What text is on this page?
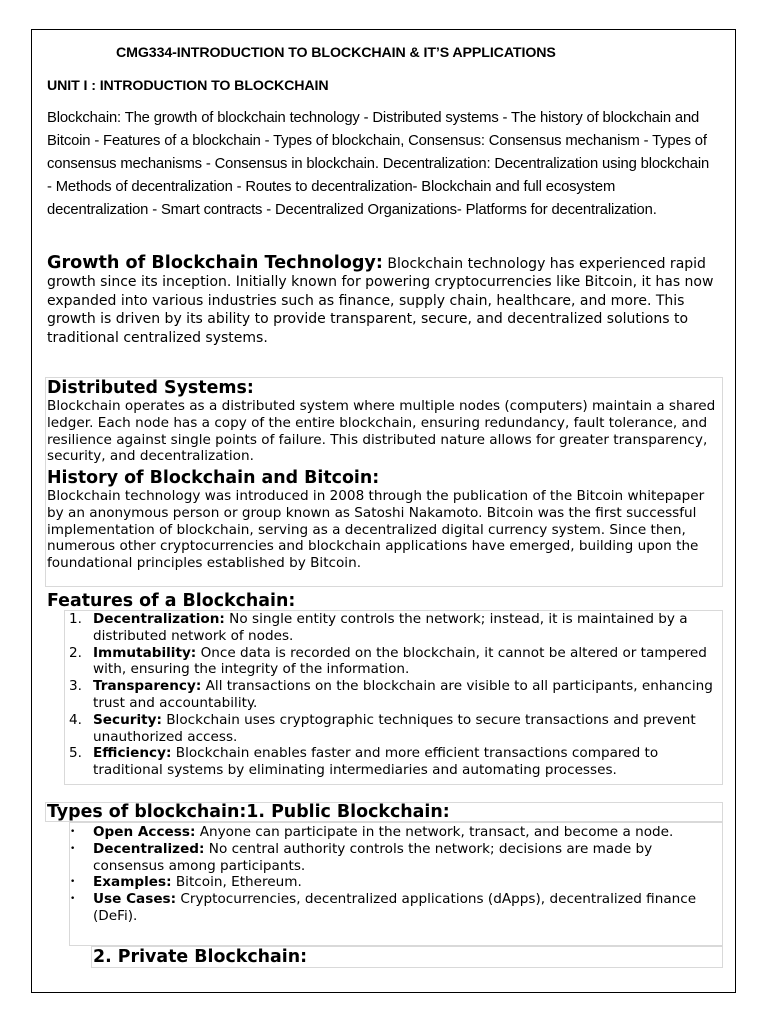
CMG334-INTRODUCTION TO BLOCKCHAIN & IT’S APPLICATIONS
UNIT I : INTRODUCTION TO BLOCKCHAIN
Blockchain: The growth of blockchain technology - Distributed systems - The history of blockchain and Bitcoin - Features of a blockchain - Types of blockchain, Consensus: Consensus mechanism - Types of consensus mechanisms - Consensus in blockchain. Decentralization: Decentralization using blockchain - Methods of decentralization - Routes to decentralization- Blockchain and full ecosystem decentralization - Smart contracts - Decentralized Organizations- Platforms for decentralization.
Growth of Blockchain Technology: Blockchain technology has experienced rapid growth since its inception. Initially known for powering cryptocurrencies like Bitcoin, it has now expanded into various industries such as finance, supply chain, healthcare, and more. This growth is driven by its ability to provide transparent, secure, and decentralized solutions to traditional centralized systems.
Distributed Systems:
Blockchain operates as a distributed system where multiple nodes (computers) maintain a shared ledger. Each node has a copy of the entire blockchain, ensuring redundancy, fault tolerance, and resilience against single points of failure. This distributed nature allows for greater transparency, security, and decentralization.
History of Blockchain and Bitcoin:
Blockchain technology was introduced in 2008 through the publication of the Bitcoin whitepaper by an anonymous person or group known as Satoshi Nakamoto. Bitcoin was the first successful implementation of blockchain, serving as a decentralized digital currency system. Since then, numerous other cryptocurrencies and blockchain applications have emerged, building upon the foundational principles established by Bitcoin.
Features of a Blockchain:
1. Decentralization: No single entity controls the network; instead, it is maintained by a distributed network of nodes.
2. Immutability: Once data is recorded on the blockchain, it cannot be altered or tampered with, ensuring the integrity of the information.
3. Transparency: All transactions on the blockchain are visible to all participants, enhancing trust and accountability.
4. Security: Blockchain uses cryptographic techniques to secure transactions and prevent unauthorized access.
5. Efficiency: Blockchain enables faster and more efficient transactions compared to traditional systems by eliminating intermediaries and automating processes.
Types of blockchain:1. Public Blockchain:
• Open Access: Anyone can participate in the network, transact, and become a node.
• Decentralized: No central authority controls the network; decisions are made by consensus among participants.
• Examples: Bitcoin, Ethereum.
• Use Cases: Cryptocurrencies, decentralized applications (dApps), decentralized finance (DeFi).
2. Private Blockchain:
